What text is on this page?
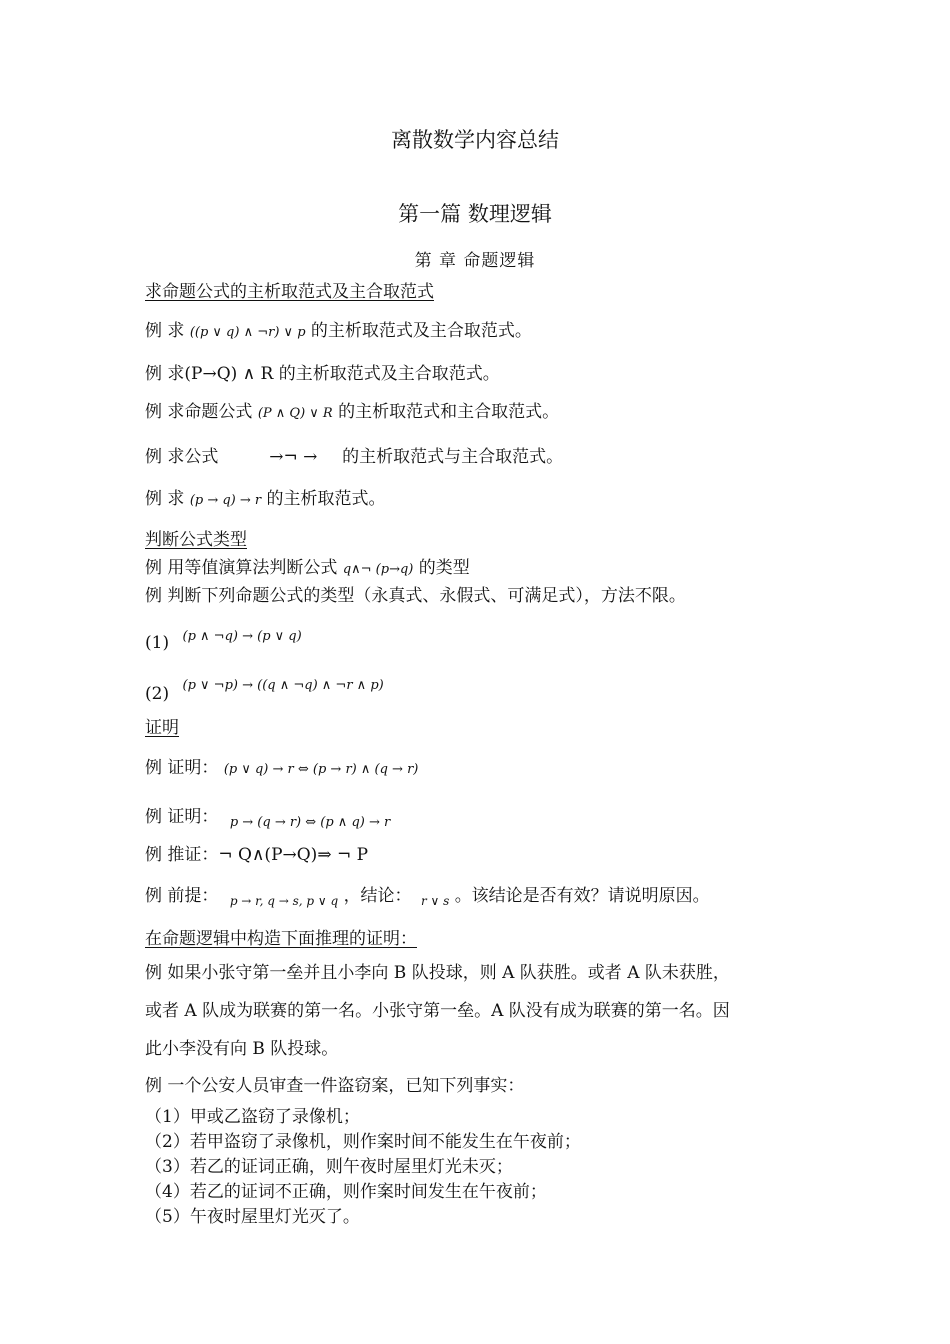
离散数学内容总结
第一篇 数理逻辑
第 章 命题逻辑
求命题公式的主析取范式及主合取范式
例 求 ((p ∨ q) ∧ ¬r) ∨ p 的主析取范式及主合取范式。
例 求(P→Q) ∧ R 的主析取范式及主合取范式。
例 求命题公式 (P ∧ Q) ∨ R 的主析取范式和主合取范式。
例 求公式	→¬ → 的主析取范式与主合取范式。
例 求 (p → q) → r 的主析取范式。
判断公式类型
例 用等值演算法判断公式 q∧¬ (p→q) 的类型
例 判断下列命题公式的类型（永真式、永假式、可满足式），方法不限。
(1) (p ∧ ¬q) → (p ∨ q)
(2) (p ∨ ¬p) → ((q ∧ ¬q) ∧ ¬r ∧ p)
证明
例 证明： (p ∨ q) → r ⇔ (p → r) ∧ (q → r)
例 证明： $_{p \to (q \to r) \Leftrightarrow (p \wedge q) \to r}$
例 推证：¬ Q∧(P→Q)⇒ ¬ P
例 前提： $_{p \to r, q \to s, p \vee q}$ ，结论： $_{r \vee s}$ 。该结论是否有效？请说明原因。
在命题逻辑中构造下面推理的证明：
例 如果小张守第一垒并且小李向 B 队投球，则 A 队获胜。或者 A 队未获胜，
或者 A 队成为联赛的第一名。小张守第一垒。A 队没有成为联赛的第一名。因
此小李没有向 B 队投球。
例 一个公安人员审查一件盗窃案，已知下列事实：
（1）甲或乙盗窃了录像机；
（2）若甲盗窃了录像机，则作案时间不能发生在午夜前；
（3）若乙的证词正确，则午夜时屋里灯光未灭；
（4）若乙的证词不正确，则作案时间发生在午夜前；
（5）午夜时屋里灯光灭了。
